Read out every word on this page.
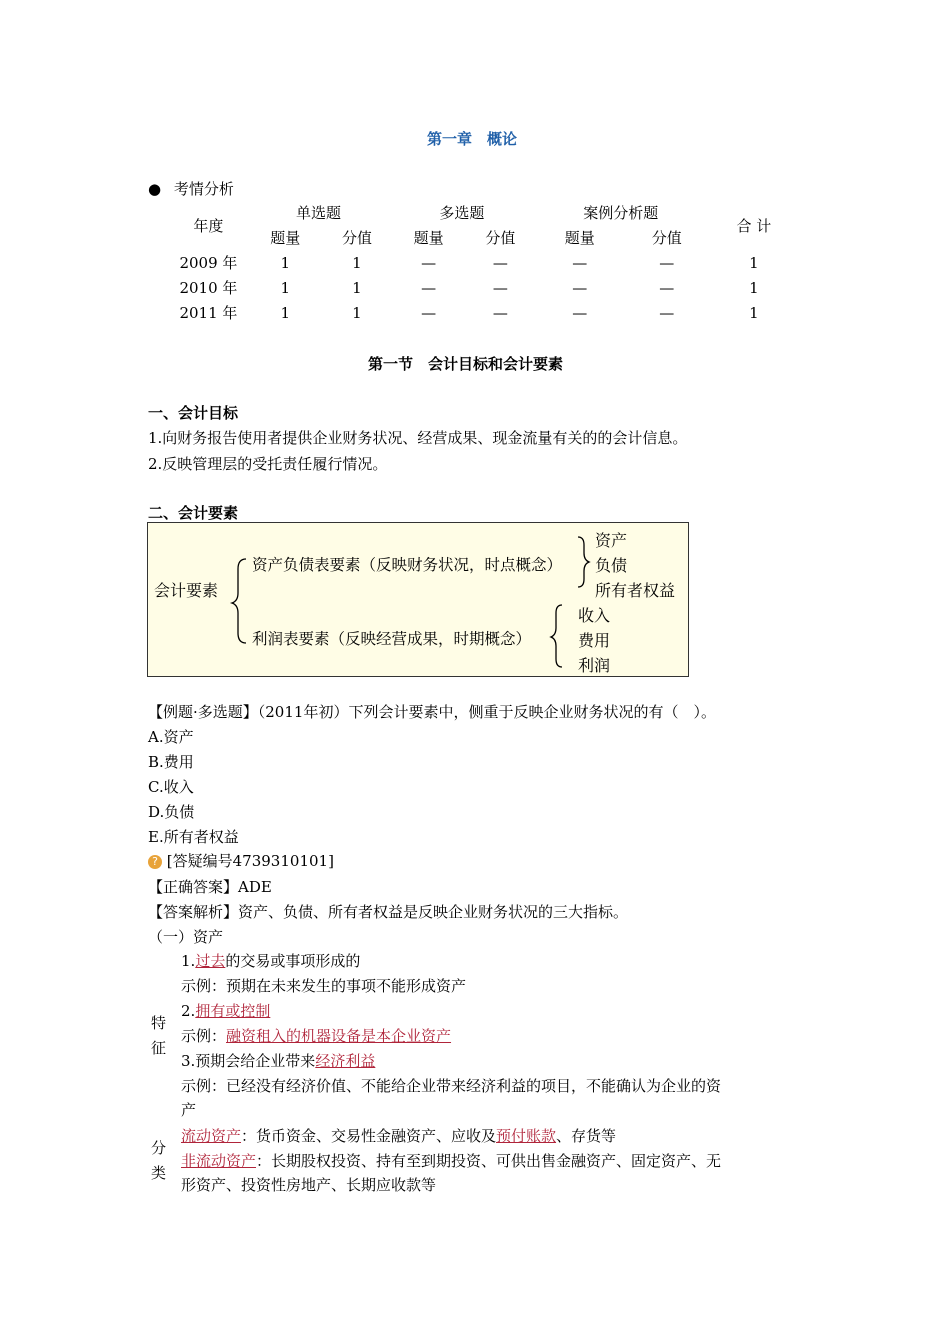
第一章　概论
● 考情分析
年度	单选题		多选题		案例分析题		合 计
	题量	分值	题量	分值	题量	分值	
2009 年	1	1	—	—	—	—	1
2010 年	1	1	—	—	—	—	1
2011 年	1	1	—	—	—	—	1
第一节　会计目标和会计要素
一、会计目标
1.向财务报告使用者提供企业财务状况、经营成果、现金流量有关的的会计信息。
2.反映管理层的受托责任履行情况。
二、会计要素
会计要素
资产负债表要素（反映财务状况，时点概念）
资产
负债
所有者权益
利润表要素（反映经营成果，时期概念）
收入
费用
利润
【例题·多选题】（2011年初）下列会计要素中，侧重于反映企业财务状况的有（　）。
A.资产
B.费用
C.收入
D.负债
E.所有者权益
? [答疑编号4739310101]
【正确答案】ADE
【答案解析】资产、负债、所有者权益是反映企业财务状况的三大指标。
（一）资产
1.过去的交易或事项形成的
示例：预期在未来发生的事项不能形成资产
2.拥有或控制
特
征
示例：融资租入的机器设备是本企业资产
3.预期会给企业带来经济利益
示例：已经没有经济价值、不能给企业带来经济利益的项目，不能确认为企业的资
产
分
类
流动资产：货币资金、交易性金融资产、应收及预付账款、存货等
非流动资产：长期股权投资、持有至到期投资、可供出售金融资产、固定资产、无
形资产、投资性房地产、长期应收款等
